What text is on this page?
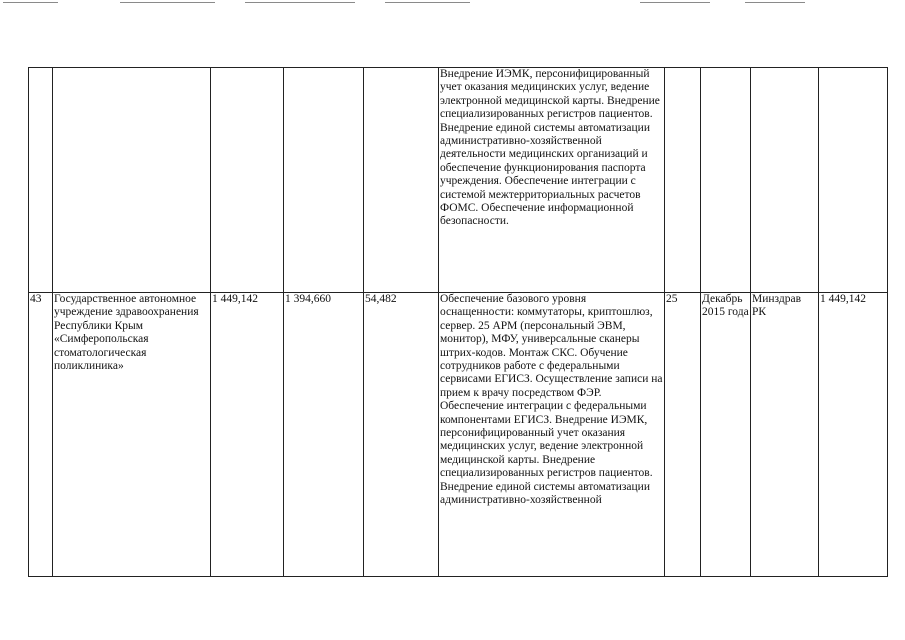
					Внедрение ИЭМК, персонифицированный учет оказания медицинских услуг, ведение электронной медицинской карты. Внедрение специализированных регистров пациентов. Внедрение единой системы автоматизации административно-хозяйственной деятельности медицинских организаций и обеспечение функционирования паспорта учреждения. Обеспечение интеграции с системой межтерриториальных расчетов ФОМС. Обеспечение информационной безопасности.				
43	Государственное автономное учреждение здравоохранения Республики Крым «Симферопольская стоматологическая поликлиника»	1 449,142	1 394,660	54,482	Обеспечение базового уровня оснащенности: коммутаторы, криптошлюз, сервер. 25 АРМ (персональный ЭВМ, монитор), МФУ, универсальные сканеры штрих-кодов. Монтаж СКС. Обучение сотрудников работе с федеральными сервисами ЕГИСЗ. Осуществление записи на прием к врачу посредством ФЭР. Обеспечение интеграции с федеральными компонентами ЕГИСЗ. Внедрение ИЭМК, персонифицированный учет оказания медицинских услуг, ведение электронной медицинской карты. Внедрение специализированных регистров пациентов. Внедрение единой системы автоматизации административно-хозяйственной	25	Декабрь 2015 года	Минздрав РК	1 449,142
